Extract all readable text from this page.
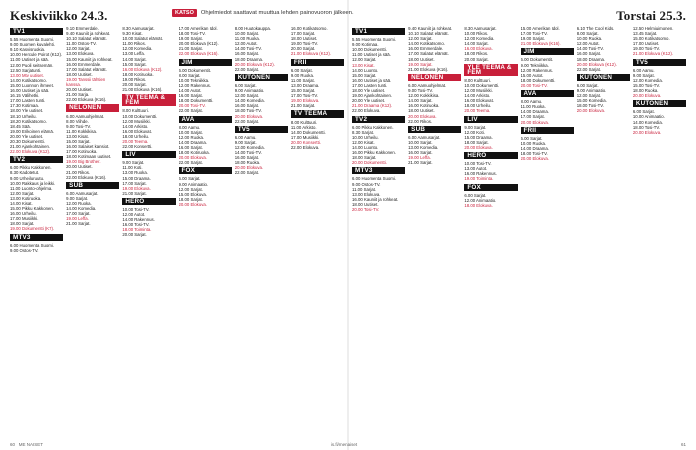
Keskiviikko 24.3.
TV1
5.55 Huomenta Suomi.
9.00 Suomen kuvalehti.
9.10 Kasvisruokia.
10.00 Hercule Poirot (K12).
11.00 Uutiset ja sää.
12.00 Puoli seitsemän.
12.50 Sarjatunti.
13.00 Mtv uutiset.
14.00 Kotikatsomo.
15.00 Luonnon ihmeet.
16.00 Uutiset ja sää.
16.15 Välihetki.
17.00 Lasten tunti.
17.30 Kotimaa.
18.00 Yle uutiset.
18.10 Urheilu.
18.20 Kotikatsomo.
18.45 Sää.
19.00 Erikoinen elämä.
20.00 Yle uutiset.
20.30 Dokumentti.
21.00 Ajankohtainen.
22.00 Elokuva (K12).
TV2
6.00 Pikku Kakkonen.
8.30 Kadotetut.
9.00 Urheiluruutu.
10.00 Rakkaus ja leikki.
11.00 Luonto-ohjelma.
12.00 Sarjat.
13.00 Kotiruoka.
14.00 Kisat.
15.00 Pikku Kakkonen.
16.00 Urheilu.
17.00 Musiikki.
18.00 Sarjat.
19.00 Dokumentti (K7).
MTV3
6.00 Huomenta Suomi.
9.00 Ostos-TV.
9.10 Emmerdale.
9.40 Kauniit ja rohkeat.
10.10 Salatut elämät.
11.00 Ostos-TV.
12.00 Sarjat.
13.00 Elokuva.
15.00 Kauniit ja rohkeat.
16.00 Emmerdale.
17.00 Salatut elämät.
18.00 Uutiset.
19.00 Tanssii tähtien kanssa.
20.00 Uutiset.
21.00 Sarja.
22.00 Elokuva (K16).
NELONEN
6.00 Aamuohjelmat.
8.00 Viihde.
9.00 Tosi-TV.
11.00 Kokkikisa.
13.00 Kisat.
15.00 Sarjat.
16.00 Salaiset kansiot.
17.00 Kotiruoka.
18.00 Kotimaan uutiset.
19.00 Big Brother.
20.00 Uutiset.
21.00 Rikos.
22.00 Elokuva (K16).
SUB
6.00 Aamusarjat.
9.00 Sarjat.
12.00 Ruoka.
14.00 Komedia.
17.00 Sarjat.
19.00 Leffa.
21.00 Sarjat.
8.30 Aamusarjat.
9.30 Kisat.
10.00 Salatut elämät.
11.00 Rikos.
12.00 Komedia.
13.00 Leffa.
14.00 Sarjat.
15.00 Sarjat.
16.00 Elokuva (K12).
18.00 Kotiruoka.
19.00 Rikos.
20.00 Sarjat.
21.00 Elokuva (K16).
TV TEEMA & FEM
8.00 Kulttuuri.
10.00 Dokumentti.
12.00 Musiikki.
14.00 Arkisto.
16.00 Elokuvat.
18.00 Urheilu.
20.00 Teema.
22.00 Konsertti.
LIV
9.00 Sarjat.
11.00 Koti.
13.00 Ruoka.
15.00 Draama.
17.00 Sarjat.
19.00 Elokuva.
21.00 Sarjat.
HERO
10.00 Tosi-TV.
12.00 Autot.
14.00 Rakennus.
16.00 Tosi-TV.
18.00 Toiminta.
20.00 Sarjat.
17.00 Amerikan Idol.
18.00 Tosi-TV.
19.00 Sarjat.
20.00 Elokuva (K12).
21.00 Sarjat.
22.00 Elokuva (K16).
JIM
6.00 Dokumentit.
8.00 Sarjat.
10.00 Tekniikka.
12.00 Rakennus.
14.00 Autot.
16.00 Sarjat.
18.00 Dokumentti.
20.00 Tosi-TV.
22.00 Sarjat.
AVA
8.00 Aamu.
10.00 Sarjat.
12.00 Ruoka.
14.00 Draama.
16.00 Sarjat.
18.00 Kotiruoka.
20.00 Elokuva.
22.00 Sarjat.
FOX
6.00 Sarjat.
9.00 Animaatio.
12.00 Sarjat.
15.00 Elokuva.
18.00 Sarjat.
20.00 Elokuva.
8.00 Huutokauppa.
10.00 Sarjat.
11.00 Ruoka.
12.00 Autot.
14.00 Tosi-TV.
16.00 Sarjat.
18.00 Draama.
20.00 Elokuva (K12).
22.00 Sarjat.
KUTONEN
6.00 Sarjat.
9.00 Animaatio.
12.00 Sarjat.
14.00 Komedia.
16.00 Sarjat.
18.00 Tosi-TV.
20.00 Elokuva.
22.00 Sarjat.
TV5
6.00 Aamu.
9.00 Sarjat.
12.00 Komedia.
14.00 Tosi-TV.
16.00 Sarjat.
18.00 Ruoka.
20.00 Elokuva.
22.00 Sarjat.
16.00 Kotikatsomo.
17.00 Sarjat.
18.00 Uutiset.
19.00 Tosi-TV.
20.00 Sarjat.
21.00 Elokuva (K12).
FRII
6.00 Sarjat.
9.00 Ruoka.
11.00 Sarjat.
13.00 Draama.
15.00 Sarjat.
17.00 Tosi-TV.
19.00 Elokuva.
21.00 Sarjat.
TV TEEMA
8.00 Kulttuuri.
11.00 Arkisto.
14.00 Dokumentti.
17.00 Musiikki.
20.00 Konsertti.
22.00 Elokuva.
60 ME NAISET
Torstai 25.3.
TV1
5.55 Huomenta Suomi.
9.00 Kotimaa.
10.00 Dokumentti.
11.00 Uutiset ja sää.
12.00 Sarjat.
13.00 Kisat.
14.00 Luonto.
15.00 Sarjat.
16.00 Uutiset ja sää.
17.00 Lasten tunti.
18.00 Yle uutiset.
19.00 Ajankohtainen.
20.00 Yle uutiset.
21.00 Draama (K12).
22.00 Elokuva.
TV2
6.00 Pikku Kakkonen.
8.30 Sarjat.
10.00 Urheilu.
12.00 Kisat.
14.00 Luonto.
16.00 Pikku Kakkonen.
18.00 Sarjat.
20.00 Dokumentti.
MTV3
6.00 Huomenta Suomi.
9.00 Ostos-TV.
11.00 Sarjat.
13.00 Elokuva.
16.00 Kauniit ja rohkeat.
18.00 Uutiset.
20.00 Tosi-TV.
9.40 Kauniit ja rohkeat.
10.10 Salatut elämät.
12.00 Sarjat.
14.00 Kotikatsomo.
16.00 Emmerdale.
17.00 Salatut elämät.
18.00 Uutiset.
19.00 Sarjat.
21.00 Elokuva (K16).
NELONEN
6.00 Aamuohjelmat.
9.00 Tosi-TV.
12.00 Kokkikisa.
14.00 Sarjat.
16.00 Kotiruoka.
18.00 Uutiset.
20.00 Elokuva.
22.00 Rikos.
SUB
6.00 Aamusarjat.
10.00 Sarjat.
13.00 Komedia.
16.00 Sarjat.
19.00 Leffa.
21.00 Sarjat.
8.30 Aamusarjat.
10.00 Rikos.
12.00 Komedia.
14.00 Sarjat.
16.00 Elokuva.
18.00 Rikos.
20.00 Sarjat.
YLE TEEMA & FEM
8.00 Kulttuuri.
10.00 Dokumentti.
12.00 Musiikki.
14.00 Arkisto.
16.00 Elokuvat.
18.00 Urheilu.
20.00 Teema.
LIV
9.00 Sarjat.
12.00 Koti.
15.00 Draama.
18.00 Sarjat.
20.00 Elokuva.
HERO
10.00 Tosi-TV.
13.00 Autot.
16.00 Rakennus.
19.00 Toiminta.
FOX
6.00 Sarjat.
12.00 Animaatio.
18.00 Elokuva.
15.00 Amerikan Idol.
17.00 Tosi-TV.
19.00 Sarjat.
21.00 Elokuva (K16).
JIM
6.00 Dokumentit.
9.00 Tekniikka.
12.00 Rakennus.
15.00 Autot.
18.00 Dokumentti.
20.00 Tosi-TV.
AVA
8.00 Aamu.
11.00 Ruoka.
14.00 Draama.
17.00 Sarjat.
20.00 Elokuva.
FRII
6.00 Sarjat.
10.00 Ruoka.
14.00 Draama.
18.00 Tosi-TV.
20.00 Elokuva.
6.10 The Cool Kids.
8.00 Sarjat.
10.00 Ruoka.
12.00 Autot.
14.00 Tosi-TV.
16.00 Sarjat.
18.00 Draama.
20.00 Elokuva (K12).
22.00 Sarjat.
KUTONEN
6.00 Sarjat.
9.00 Animaatio.
12.00 Sarjat.
15.00 Komedia.
18.00 Tosi-TV.
20.00 Elokuva.
12.50 Helmiuimonen.
13.45 Sarjat.
15.00 Kotikatsomo.
17.00 Uutiset.
19.00 Tosi-TV.
21.00 Elokuva (K12).
TV5
6.00 Aamu.
9.00 Sarjat.
12.00 Komedia.
15.00 Tosi-TV.
18.00 Ruoka.
20.00 Elokuva.
KUTONEN
6.00 Sarjat.
10.00 Animaatio.
14.00 Komedia.
18.00 Tosi-TV.
20.00 Elokuva.
61
is.fi/menaiset
KATSO	Ohjelmiedot saattavat muuttua lehden painovuoron jälkeen.
